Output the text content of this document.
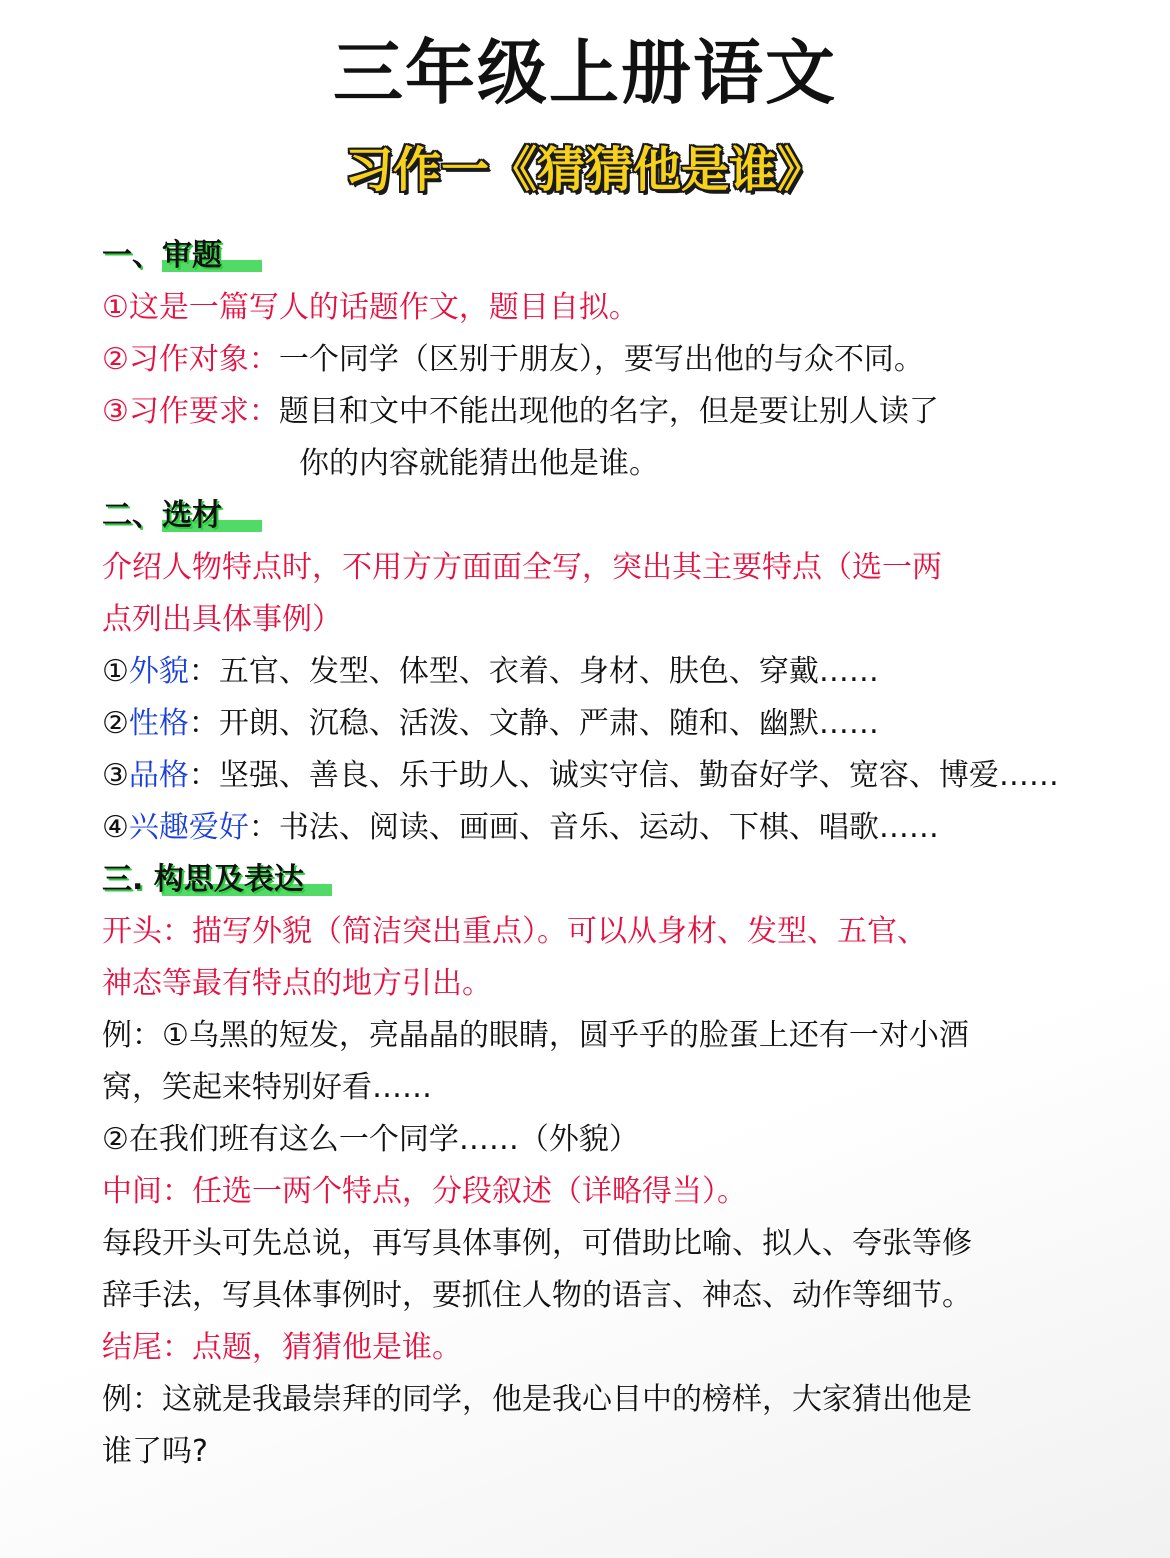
三年级上册语文
习作一《猜猜他是谁》
一、审题
①这是一篇写人的话题作文，题目自拟。
②习作对象：一个同学（区别于朋友），要写出他的与众不同。
③习作要求：题目和文中不能出现他的名字，但是要让别人读了
你的内容就能猜出他是谁。
二、选材
介绍人物特点时，不用方方面面全写，突出其主要特点（选一两
点列出具体事例）
①外貌：五官、发型、体型、衣着、身材、肤色、穿戴……
②性格：开朗、沉稳、活泼、文静、严肃、随和、幽默……
③品格：坚强、善良、乐于助人、诚实守信、勤奋好学、宽容、博爱……
④兴趣爱好：书法、阅读、画画、音乐、运动、下棋、唱歌……
三. 构思及表达
开头：描写外貌（简洁突出重点）。可以从身材、发型、五官、
神态等最有特点的地方引出。
例：①乌黑的短发，亮晶晶的眼睛，圆乎乎的脸蛋上还有一对小酒
窝，笑起来特别好看……
②在我们班有这么一个同学……（外貌）
中间：任选一两个特点，分段叙述（详略得当）。
每段开头可先总说，再写具体事例，可借助比喻、拟人、夸张等修
辞手法，写具体事例时，要抓住人物的语言、神态、动作等细节。
结尾：点题，猜猜他是谁。
例：这就是我最崇拜的同学，他是我心目中的榜样，大家猜出他是
谁了吗?
